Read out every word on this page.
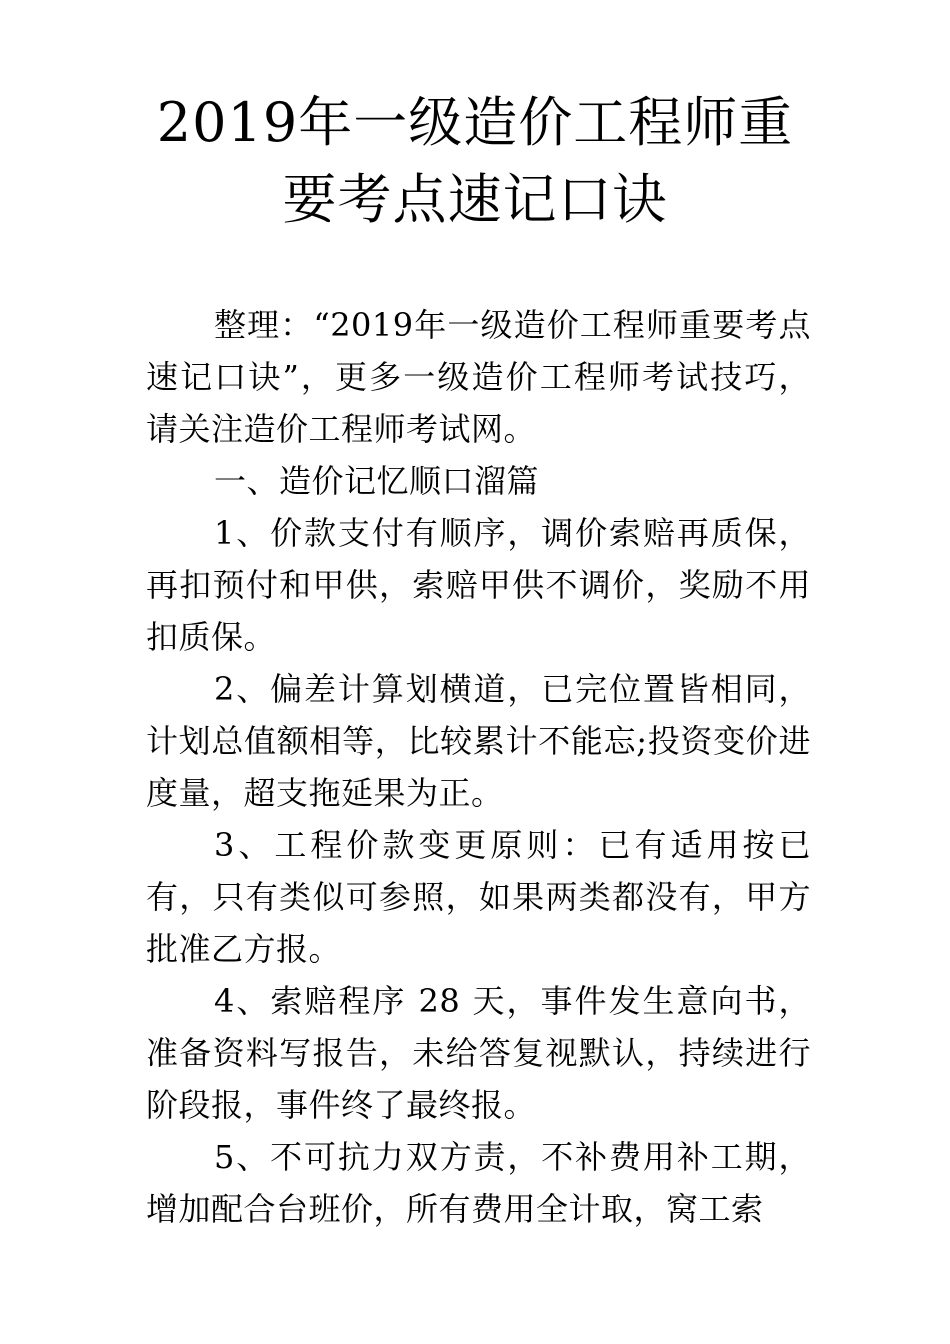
2019年一级造价工程师重
要考点速记口诀

整理：“2019年一级造价工程师重要考点速记口诀”，更多一级造价工程师考试技巧，请关注造价工程师考试网。

一、造价记忆顺口溜篇

1、价款支付有顺序，调价索赔再质保，再扣预付和甲供，索赔甲供不调价，奖励不用扣质保。

2、偏差计算划横道，已完位置皆相同，计划总值额相等，比较累计不能忘;投资变价进度量，超支拖延果为正。

3、工程价款变更原则：已有适用按已有，只有类似可参照，如果两类都没有，甲方批准乙方报。

4、索赔程序 28 天，事件发生意向书，准备资料写报告，未给答复视默认，持续进行阶段报，事件终了最终报。

5、不可抗力双方责，不补费用补工期，增加配合台班价，所有费用全计取，窝工索
